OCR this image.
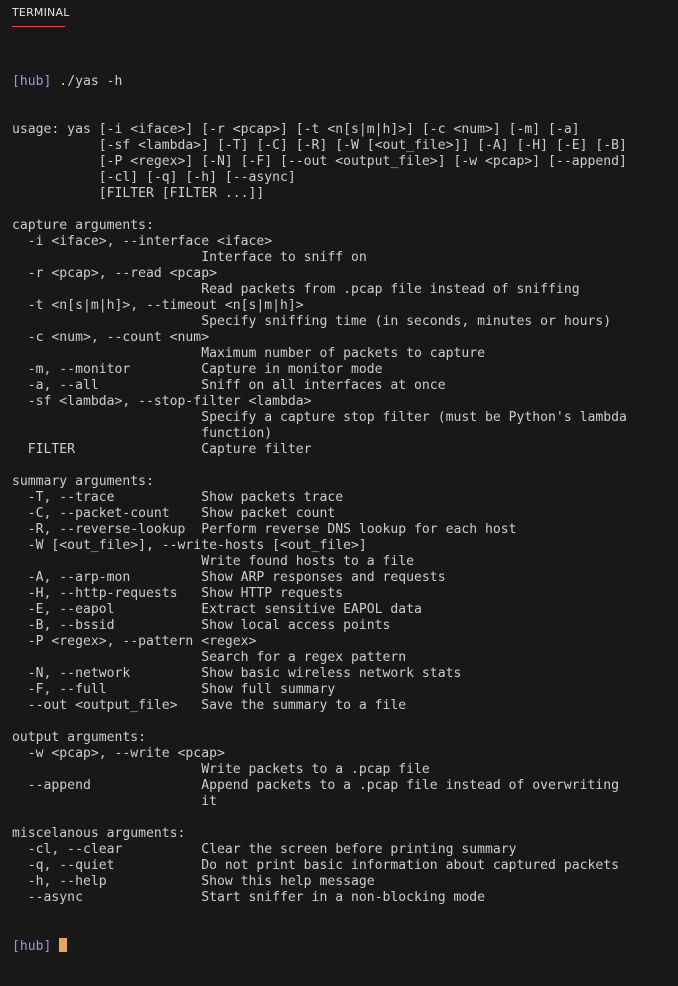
TERMINAL

[hub] ./yas -h

usage: yas [-i <iface>] [-r <pcap>] [-t <n[s|m|h]>] [-c <num>] [-m] [-a]
[-sf <lambda>] [-T] [-C] [-R] [-W [<out_file>]] [-A] [-H] [-E] [-B]
[-P <regex>] [-N] [-F] [--out <output_file>] [-w <pcap>] [--append]
[-cl] [-q] [-h] [--async]
[FILTER [FILTER ...]]
capture arguments:
-i <iface>, --interface <iface>
Interface to sniff on
-r <pcap>, --read <pcap>
Read packets from .pcap file instead of sniffing
-t <n[s|m|h]>, --timeout <n[s|m|h]>
Specify sniffing time (in seconds, minutes or hours)
-c <num>, --count <num>
Maximum number of packets to capture
-m, --monitor         Capture in monitor mode
-a, --all             Sniff on all interfaces at once
-sf <lambda>, --stop-filter <lambda>
Specify a capture stop filter (must be Python's lambda
function)
FILTER                Capture filter
summary arguments:
-T, --trace           Show packets trace
-C, --packet-count    Show packet count
-R, --reverse-lookup  Perform reverse DNS lookup for each host
-W [<out_file>], --write-hosts [<out_file>]
Write found hosts to a file
-A, --arp-mon         Show ARP responses and requests
-H, --http-requests   Show HTTP requests
-E, --eapol           Extract sensitive EAPOL data
-B, --bssid           Show local access points
-P <regex>, --pattern <regex>
Search for a regex pattern
-N, --network         Show basic wireless network stats
-F, --full            Show full summary
--out <output_file>   Save the summary to a file
output arguments:
-w <pcap>, --write <pcap>
Write packets to a .pcap file
--append              Append packets to a .pcap file instead of overwriting
it
miscelanous arguments:
-cl, --clear          Clear the screen before printing summary
-q, --quiet           Do not print basic information about captured packets
-h, --help            Show this help message
--async               Start sniffer in a non-blocking mode

[hub]
